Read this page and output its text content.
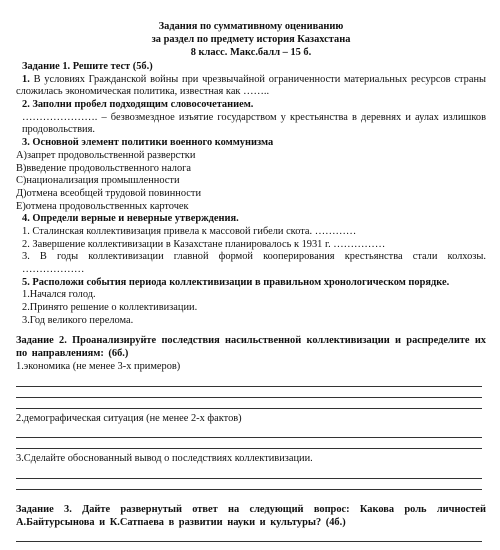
Задания по суммативному оцениванию
за раздел по предмету история Казахстана
8 класс. Макс.балл – 15 б.
Задание 1. Решите тест (5б.)
1. В условиях Гражданской войны при чрезвычайной ограниченности материальных ресурсов страны сложилась экономическая политика, известная как ……..
2. Заполни пробел подходящим словосочетанием.
…………………. – безвозмездное изъятие государством у крестьянства в деревнях и аулах излишков продовольствия.
3. Основной элемент политики военного коммунизма
А)запрет продовольственной разверстки
В)введение продовольственного налога
С)национализация промышленности
Д)отмена всеобщей трудовой повинности
Е)отмена продовольственных карточек
4. Определи верные и неверные утверждения.
1. Сталинская коллективизация привела к массовой гибели скота. …………
2. Завершение коллективизации в Казахстане планировалось к 1931 г. ……………
3. В годы коллективизации главной формой кооперирования крестьянства стали колхозы. ………………
5. Расположи события периода коллективизации в правильном хронологическом порядке.
1.Начался голод.
2.Принято решение о коллективизации.
3.Год великого перелома.
Задание 2. Проанализируйте последствия насильственной коллективизации и распределите их по направлениям: (6б.)
1.экономика (не менее 3-х примеров)
2.демографическая ситуация (не менее 2-х фактов)
3.Сделайте обоснованный вывод о последствиях коллективизации.
Задание 3. Дайте развернутый ответ на следующий вопрос: Какова роль личностей А.Байтурсынова и К.Сатпаева в развитии науки и культуры? (4б.)
